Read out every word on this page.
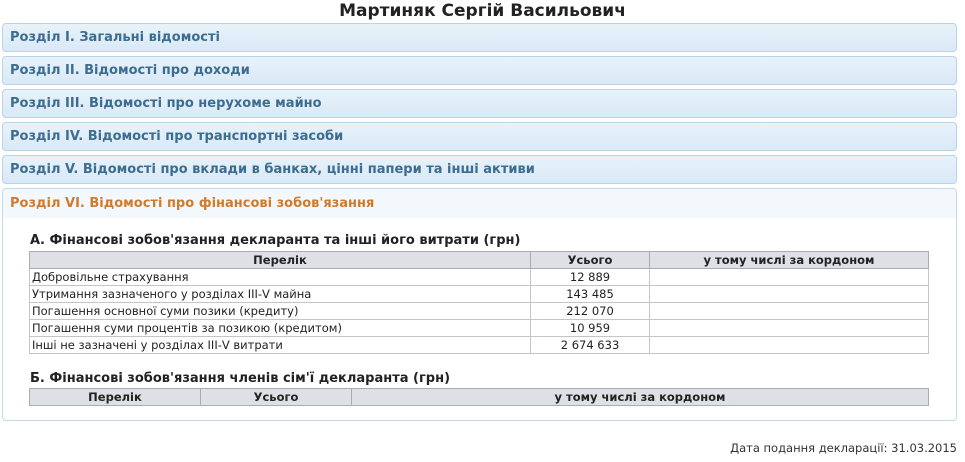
Мартиняк Сергій Васильович
Розділ І. Загальні відомості
Розділ ІІ. Відомості про доходи
Розділ ІІІ. Відомості про нерухоме майно
Розділ IV. Відомості про транспортні засоби
Розділ V. Відомості про вклади в банках, цінні папери та інші активи
Розділ VI. Відомості про фінансові зобов'язання
А. Фінансові зобов'язання декларанта та інші його витрати (грн)
Перелік	Усього	у тому числі за кордоном
Добровільне страхування	12 889	
Утримання зазначеного у розділах ІІІ-V майна	143 485	
Погашення основної суми позики (кредиту)	212 070	
Погашення суми процентів за позикою (кредитом)	10 959	
Інші не зазначені у розділах ІІІ-V витрати	2 674 633	
Б. Фінансові зобов'язання членів сім'ї декларанта (грн)
Перелік	Усього	у тому числі за кордоном
Дата подання декларації: 31.03.2015
